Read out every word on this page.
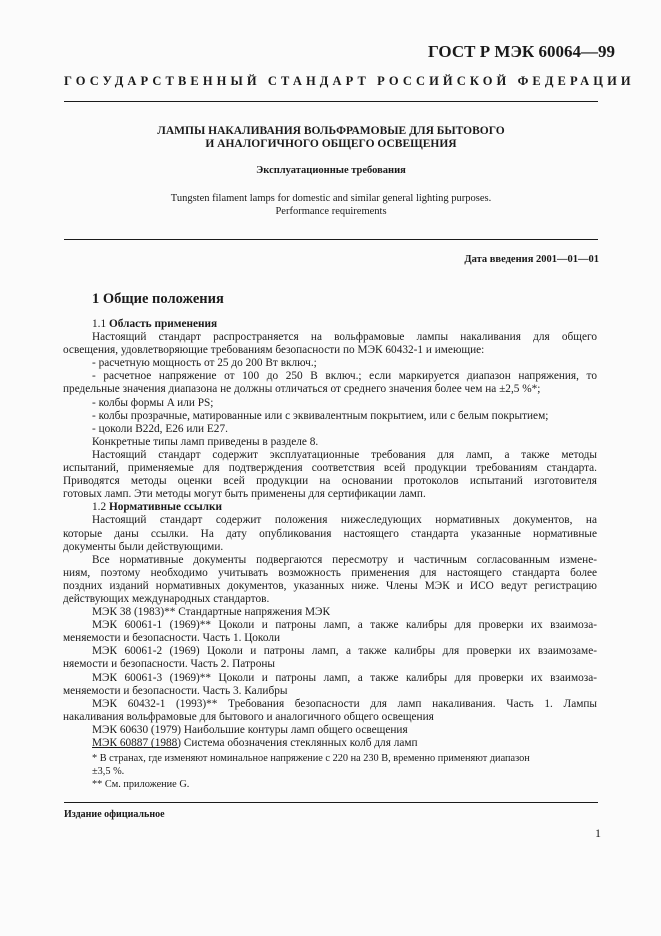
ГОСТ Р МЭК 60064—99
ГОСУДАРСТВЕННЫЙ СТАНДАРТ РОССИЙСКОЙ ФЕДЕРАЦИИ
ЛАМПЫ НАКАЛИВАНИЯ ВОЛЬФРАМОВЫЕ ДЛЯ БЫТОВОГО
И АНАЛОГИЧНОГО ОБЩЕГО ОСВЕЩЕНИЯ
Эксплуатационные требования
Tungsten filament lamps for domestic and similar general lighting purposes.
Performance requirements
Дата введения 2001—01—01
1 Общие положения
1.1 Область применения
Настоящий стандарт распространяется на вольфрамовые лампы накаливания для общего
освещения, удовлетворяющие требованиям безопасности по МЭК 60432-1 и имеющие:
- расчетную мощность от 25 до 200 Вт включ.;
- расчетное напряжение от 100 до 250 В включ.; если маркируется диапазон напряжения, то
предельные значения диапазона не должны отличаться от среднего значения более чем на ±2,5 %*;
- колбы формы A или PS;
- колбы прозрачные, матированные или с эквивалентным покрытием, или с белым покрытием;
- цоколи B22d, E26 или E27.
Конкретные типы ламп приведены в разделе 8.
Настоящий стандарт содержит эксплуатационные требования для ламп, а также методы
испытаний, применяемые для подтверждения соответствия всей продукции требованиям стандарта.
Приводятся методы оценки всей продукции на основании протоколов испытаний изготовителя
готовых ламп. Эти методы могут быть применены для сертификации ламп.
1.2 Нормативные ссылки
Настоящий стандарт содержит положения нижеследующих нормативных документов, на
которые даны ссылки. На дату опубликования настоящего стандарта указанные нормативные
документы были действующими.
Все нормативные документы подвергаются пересмотру и частичным согласованным измене-
ниям, поэтому необходимо учитывать возможность применения для настоящего стандарта более
поздних изданий нормативных документов, указанных ниже. Члены МЭК и ИСО ведут регистрацию
действующих международных стандартов.
МЭК 38 (1983)** Стандартные напряжения МЭК
МЭК 60061-1 (1969)** Цоколи и патроны ламп, а также калибры для проверки их взаимоза-
меняемости и безопасности. Часть 1. Цоколи
МЭК 60061-2 (1969) Цоколи и патроны ламп, а также калибры для проверки их взаимозаме-
няемости и безопасности. Часть 2. Патроны
МЭК 60061-3 (1969)** Цоколи и патроны ламп, а также калибры для проверки их взаимоза-
меняемости и безопасности. Часть 3. Калибры
МЭК 60432-1 (1993)** Требования безопасности для ламп накаливания. Часть 1. Лампы
накаливания вольфрамовые для бытового и аналогичного общего освещения
МЭК 60630 (1979) Наибольшие контуры ламп общего освещения
МЭК 60887 (1988) Система обозначения стеклянных колб для ламп
* В странах, где изменяют номинальное напряжение с 220 на 230 В, временно применяют диапазон
±3,5 %.
** См. приложение G.
Издание официальное
1
